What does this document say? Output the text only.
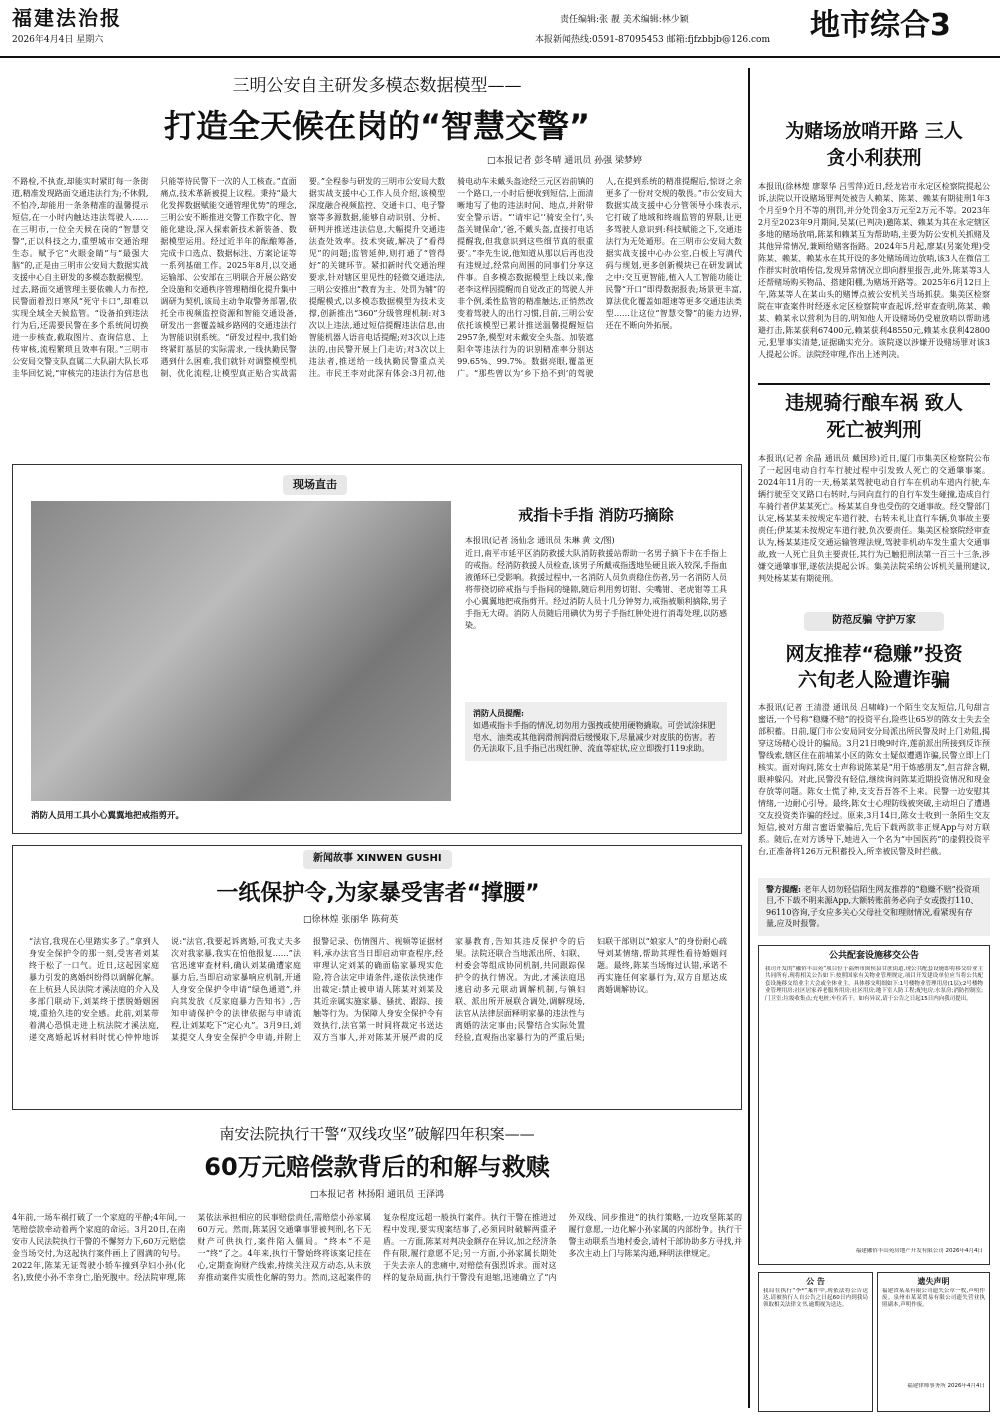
福建法治报
2026年4月4日 星期六
责任编辑:张 靓 美术编辑:林少颖
本报新闻热线:0591-87095453 邮箱:fjfzbbjb@126.com 地市综合3
三明公安自主研发多模态数据模型——
打造全天候在岗的“智慧交警”
□本报记者 彭冬晴 通讯员 孙强 梁梦婷
不路检,不执查,却能实时紧盯每一条街道,精准发现路面交通违法行为;不休假,不怕冷,却能用一条条精准的温馨提示短信,在一小时内触达违法驾驶人……在三明市,一位全天候在岗的“智慧交警”,正以科技之力,重塑城市交通治理生态。赋予它“火眼金睛”与“最强大脑”的,正是由三明市公安局大数据实战支援中心自主研发的多模态数据模型。过去,路面交通管理主要依赖人力布控,民警面着烈日寒风“死守卡口”,却难以实现全域全天候监管。“设备拍到违法行为后,还需要民警在多个系统间切换进一步核查,截取图片、查询信息、上传审核,流程繁琐且效率有限。”三明市公安局交警支队直属二大队副大队长邓圭华回忆说,“审核完的违法行为信息也只能等待民警下一次的人工核查。”直面痛点,技术革新被提上议程。秉持“最大化发挥数据赋能交通管理优势”的理念,三明公安不断推进交警工作数字化、智能化建设,深入探索新技术新装备、数据模型运用。经过近半年的酝酿筹备,完成卡口选点、数据标注、方案论证等一系列基础工作。2025年8月,以交通运输部、公安部在三明联合开展公路安全设施和交通秩序管理精细化提升集中调研为契机,该局主动争取警务部署,依托全市视频监控资源和智能交通设备,研发出一套覆盖城乡路网的交通违法行为智能识别系统。“研发过程中,我们始终紧盯基层的实际需求,一线执勤民警遇到什么困难,我们就针对调整模型机制、优化流程,让模型真正贴合实战需要。”全程参与研发的三明市公安局大数据实战支援中心工作人员介绍,该模型深度融合视频监控、交通卡口、电子警察等多源数据,能够自动识别、分析、研判并推送违法信息,大幅提升交通违法查处效率。技术突破,解决了“看得见”的问题;监管延伸,则打通了“管得好”的关键环节。紧扣新时代交通治理要求,针对辖区里见性的轻微交通违法,三明公安推出“教育为主、处罚为辅”的提醒模式,以多模态数据模型为技术支撑,创新推出“360”分级管理机制:对3次以上违法,通过短信提醒违法信息,由智能机器人语音电话提醒;对3次以上违法的,由民警开展上门走访;对3次以上违法者,推送给一线执勤民警重点关注。市民王李对此深有体会:3月初,他骑电动车未戴头盔途经三元区岩前镇的一个路口,一小时后便收到短信,上面清晰地写了他的违法时间、地点,并附带安全警示语。“‘请牢记’‘骑安全行’,头盔关键保命’,‘爸,不戴头盔,直接打电话提醒我,但我意识到这些细节真的很重要’。”李先生说,他知道从那以后再也没有违规过,经常向周围的同事们分享这件事。自多模态数据模型上线以来,像老李这样因提醒而自觉改正的驾驶人并非个例,柔性监管的精准触达,正悄然改变着驾驶人的出行习惯,目前,三明公安依托该模型已累计推送温馨提醒短信2957条,模型对未戴安全头盔、加装遮阳伞等违法行为的识别精准率分别达99.65%、99.7%。数据亮眼,覆盖更广。“那些曾以为‘乡下拾不到’的驾驶人,在提到系统的精准提醒后,惊讶之余更多了一份对交规的敬畏。”市公安局大数据实战支援中心分管领导小珠表示,它打破了地域和终端监管的界限,让更多驾驶人意识到:科技赋能之下,交通违法行为无处遁形。在三明市公安局大数据实战支援中心办公室,白板上写满代码与规划,更多创新模块已在研发调试之中:交互更智能,植入人工智能功能让民警“开口”即得数据报表;场景更丰富,算法优化覆盖如超速等更多交通违法类型……让这位“智慧交警”的能力边界,还在不断向外拓展。
为赌场放哨开路 三人贪小利获刑
本报讯(徐林煌 廖翠华 吕雪萍)近日,经龙岩市永定区检察院提起公诉,法院以开设赌场罪判处被告人赖某、陈某、赖某有期徒刑1年3个月至9个月不等的刑罚,并分处罚金3万元至2万元不等。2023年2月至2023年9月期间,吴某(已判决)邀陈某、赖某为其在永定辖区多地的赌场放哨,陈某和赖某互为帮助哨,主要为防公安机关抓赌及其他异常情况,兼顾给赌客指路。2024年5月起,廖某(另案处理)受陈某、赖某、赖某永在其开设的多处赌场周边放哨,该3人在微信工作群实时放哨传信,发现异常情况立即向群里报告,此外,陈某等3人还帮赌场购买物品、搭建阳棚,为赌场开路等。2025年6月12日上午,陈某等人在某山头的赌博点被公安机关当场抓获。集美区检察院在审查案件时经逐永定区检察院审查起诉,经审查查明,陈某、赖某、赖某永以营利为目的,明知他人开设赌场仍受雇放哨以帮助逃避打击,陈某获利67400元,赖某获利48550元,赖某永获利42800元,犯罪事实清楚,证据确实充分。该院遂以涉嫌开设赌场罪对该3人提起公诉。法院经审理,作出上述判决。
违规骑行酿车祸 致人死亡被判刑
本报讯(记者 余晶 通讯员 戴国珍)近日,厦门市集美区检察院公布了一起因电动自行车行驶过程中引发致人死亡的交通肇事案。2024年11月的一天,杨某某驾驶电动自行车在机动车道内行驶,车辆行驶至交叉路口右转时,与同向直行的自行车发生碰撞,造成自行车骑行者伊某某死亡。杨某某自身也受伤的交通事故。经交警部门认定,杨某某未按规定车道行驶、右转未礼让直行车辆,负事故主要责任;伊某某未按规定车道行驶,负次要责任。集美区检察院经审查认为,杨某某违反交通运输管理法规,驾驶非机动车发生重大交通事故,致一人死亡且负主要责任,其行为已触犯刑法第一百三十三条,涉嫌交通肇事罪,遂依法提起公诉。集美法院采纳公诉机关量刑建议,判处杨某某有期徒刑。
防范反骗 守护万家
网友推荐“稳赚”投资 六旬老人险遭诈骗
本报讯(记者 王清澄 通讯员 吕啸峰)一个陌生交友短信,几句甜言蜜语,一个号称“稳赚不赔”的投资平台,险些让65岁的陈女士失去全部积蓄。日前,厦门市公安局同安分局派出所民警及时上门劝阻,揭穿这场精心设计的骗局。3月21日晚9时许,莲前派出所接到反诈预警线索,辖区住在前埔某小区的陈女士疑似遭遇诈骗,民警立即上门核实。面对询问,陈女士声称说陈某是“用于炼感朋友”,但言辞含糊,眼神躲闪。对此,民警没有轻信,继续询问陈某近期投资情况和现金存放等问题。陈女士慌了神,支支吾吾答不上来。民警一边安慰其情绪,一边耐心引导。最终,陈女士心理防线被突破,主动坦白了遭遇交友投资类诈骗的经过。原来,3月14日,陈女士收到一条陌生交友短信,被对方甜言蜜语蒙骗后,先后下载两款非正规App与对方联系。随后,在对方诱导下,她进入一个名为“中国医药”的虚假投资平台,正准备将126万元积蓄投入,所幸被民警及时拦截。
警方提醒: 老年人切勿轻信陌生网友推荐的“稳赚不赔”投资项目,不下载不明来源App,大额转账前务必向子女或拨打110、96110咨询,子女应多关心父母社交和理财情况,看紧现有存量,应及时报警。
现场直击
消防人员用工具小心翼翼地把戒指剪开。
戒指卡手指 消防巧摘除
本报讯(记者 汤仙念 通讯员 朱琳 黄 文/图)
近日,南平市延平区消防救援大队消防救援站帮助一名男子摘下卡在手指上的戒指。经消防救援人员检查,该男子所戴戒指透地坠硬且嵌入较深,手指血液循环已受影响。救援过程中,一名消防人员负责稳住伤者,另一名消防人员将带挠切碎戒指与手指间的缝隙,随后利用剪切钳、尖嘴钳、老虎钳等工具小心翼翼地把戒指剪开。经过消防人员十几分钟努力,戒指被顺利摘除,男子手指无大碍。消防人员随后用碘伏为男子手指红肿处进行消毒处理,以防感染。
消防人员提醒:
如遇戒指卡手指的情况,切勿用力强拽或使用硬物撬取。可尝试涂抹肥皂水、油类或其他润滑剂润滑后缓慢取下,尽量减少对皮肤的伤害。若仍无法取下,且手指已出现红肿、流血等症状,应立即拨打119求助。
新闻故事 XINWEN GUSHI
一纸保护令,为家暴受害者“撑腰”
□徐林煌 张丽华 陈荷英
“法官,我现在心里踏实多了。”拿到人身安全保护令的那一刻,受害者刘某终于松了一口气。近日,这起因家庭暴力引发的离婚纠纷得以调解化解。在上杭县人民法院才溪法庭的介入及多部门联动下,刘某终于摆脱婚姻困境,重拾久违的安全感。此前,刘某带着满心恐惧走进上杭法院才溪法庭,递交离婚起诉材料时忧心忡忡地诉说:“法官,我要起诉离婚,可我丈夫多次对我家暴,我实在怕他报复……”法官迅速审查材料,确认刘某确遭家庭暴力后,当即启动家暴响应机制,开通人身安全保护令申请“绿色通道”,并向其发放《反家庭暴力告知书》,告知申请保护令的法律依据与申请流程,让刘某吃下“定心丸”。3月9日,刘某提交人身安全保护令申请,并附上报警记录、伤情图片、视频等证据材料,承办法官当日即启动审查程序,经审理认定刘某的确面临家暴现实危险,符合法定申请条件,遂依法快速作出裁定:禁止被申请人陈某对刘某及其近亲属实施家暴、骚扰、跟踪、接触等行为。为保障人身安全保护令有效执行,法官第一时间将裁定书送达双方当事人,并对陈某开展严肃的反家暴教育,告知其违反保护令的后果。法院还联合当地派出所、妇联、村委会等组成协同机制,共同跟踪保护令的执行情况。为此,才溪法庭迅速启动多元联动调解机制,与镇妇联、派出所开展联合调处,调解现场,法官从法律层面释明家暴的违法性与离婚的法定事由;民警结合实际处置经验,直观指出家暴行为的严重后果;妇联干部则以“娘家人”的身份耐心疏导刘某情绪,帮助其理性看待婚姻问题。最终,陈某当场悔过认错,承诺不再实施任何家暴行为,双方自愿达成离婚调解协议。
南安法院执行干警“双线攻坚”破解四年积案——
60万元赔偿款背后的和解与救赎
□本报记者 林扬阳 通讯员 王泽鸿
4年前,一场车祸打破了一个家庭的平静;4年间,一笔赔偿款牵动着两个家庭的命运。3月20日,在南安市人民法院执行干警的不懈努力下,60万元赔偿金当场交付,为这起执行案件画上了圆满的句号。2022年,陈某无证驾驶小轿车撞到孕妇小孙(化名),致使小孙不幸身亡,胎死腹中。经法院审理,陈某依法承担相应的民事赔偿责任,需赔偿小孙家属60万元。然而,陈某因交通肇事罪被判刑,名下无财产可供执行,案件陷入僵局。“终本”不是一“终”了之。4年来,执行干警始终将该案记挂在心,定期查询财产线索,持续关注双方动态,从未放弃推动案件实质性化解的努力。然而,这起案件的复杂程度远超一般执行案件。执行干警在推进过程中发现,要实现案结事了,必须同时破解两重矛盾。一方面,陈某对判决金额存在异议,加之经济条件有限,履行意愿不足;另一方面,小孙家属长期处于失去亲人的悲痛中,对赔偿有强烈诉求。面对这样的复杂局面,执行干警没有退缩,迅速确立了“内外双线、同步推进”的执行策略,一边攻坚陈某的履行意愿,一边化解小孙家属的内部纷争。执行干警主动联系当地村委会,请村干部协助多方寻找,并多次主动上门与陈某沟通,释明法律规定。
公共配套设施移交公告
我司开发的“融侨丰山苑”项目位于福州市闽侯县甘蔗街道,现公共配套设施即将移交给业主共同所有,现将相关公告如下:按照国家有关物业管理规定,项目开发建设单位应当将公共配套设施移交给业主大会或全体业主。具体移交明细如下:1号楼物业管理用房(1层);2号楼物业管理用房;社区居家养老服务用房;社区用房;地下室人防工程;配电房;水泵房;消防控制室;门卫室;垃圾收集点;充电桩;车位若干。如有异议,请于公告之日起15日内向我司提出。
福建融侨丰山苑房地产开发有限公司 2026年4月4日
公 告
我局在执行“李*”案件中,现依法将公告送达,请被执行人自公告之日起60日内到我局领取相关法律文书,逾期视为送达。
遗失声明
福建省某某有限公司遗失公章一枚,声明作废。泉州市某某贸易有限公司遗失营业执照副本,声明作废。
福建律师事务所 2026年4月4日
